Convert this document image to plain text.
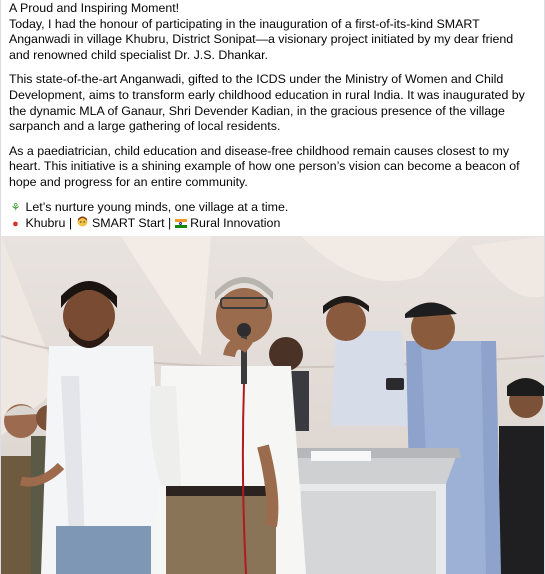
A Proud and Inspiring Moment!

Today, I had the honour of participating in the inauguration of a first-of-its-kind SMART Anganwadi in village Khubru, District Sonipat—a visionary project initiated by my dear friend and renowned child specialist Dr. J.S. Dhankar.

This state-of-the-art Anganwadi, gifted to the ICDS under the Ministry of Women and Child Development, aims to transform early childhood education in rural India. It was inaugurated by the dynamic MLA of Ganaur, Shri Devender Kadian, in the gracious presence of the village sarpanch and a large gathering of local residents.

As a paediatrician, child education and disease-free childhood remain causes closest to my heart. This initiative is a shining example of how one person’s vision can become a beacon of hope and progress for an entire community.

⚘ Let’s nurture young minds, one village at a time.

● Khubru | SMART Start | Rural Innovation
